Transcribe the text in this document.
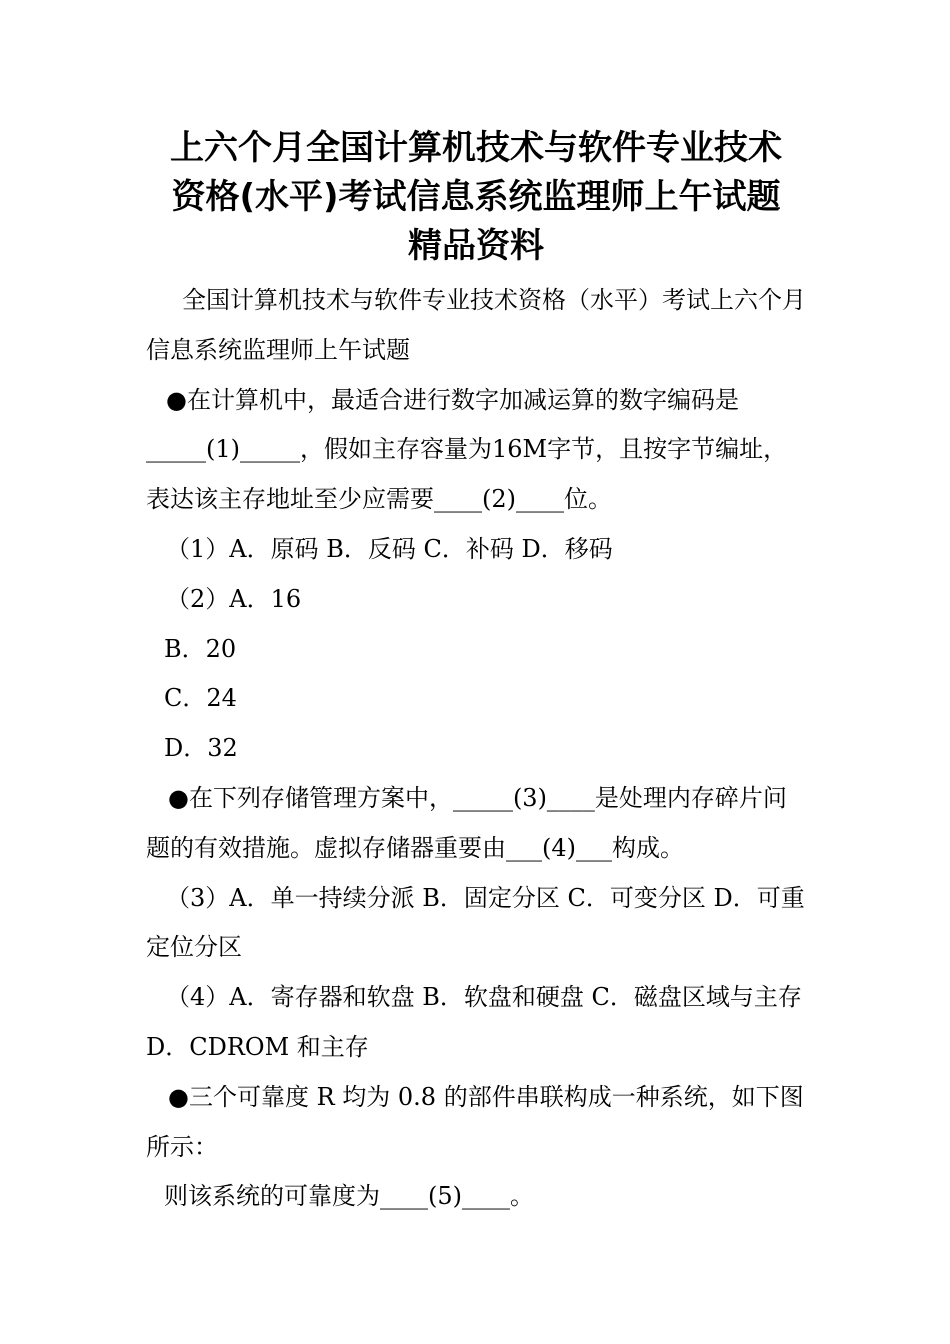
上六个月全国计算机技术与软件专业技术
资格(水平)考试信息系统监理师上午试题
精品资料

全国计算机技术与软件专业技术资格（水平）考试上六个月信息系统监理师上午试题

●在计算机中，最适合进行数字加减运算的数字编码是_____(1)_____，假如主存容量为16M字节，且按字节编址，表达该主存地址至少应需要____(2)____位。

（1）A．原码 B．反码 C．补码 D．移码

（2）A．16

B．20

C．24

D．32

●在下列存储管理方案中，_____(3)____是处理内存碎片问题的有效措施。虚拟存储器重要由___(4)___构成。

（3）A．单一持续分派 B．固定分区 C．可变分区 D．可重定位分区

（4）A．寄存器和软盘 B．软盘和硬盘 C．磁盘区域与主存 D．CDROM 和主存

●三个可靠度 R 均为 0.8 的部件串联构成一种系统，如下图所示：

则该系统的可靠度为____(5)____。
